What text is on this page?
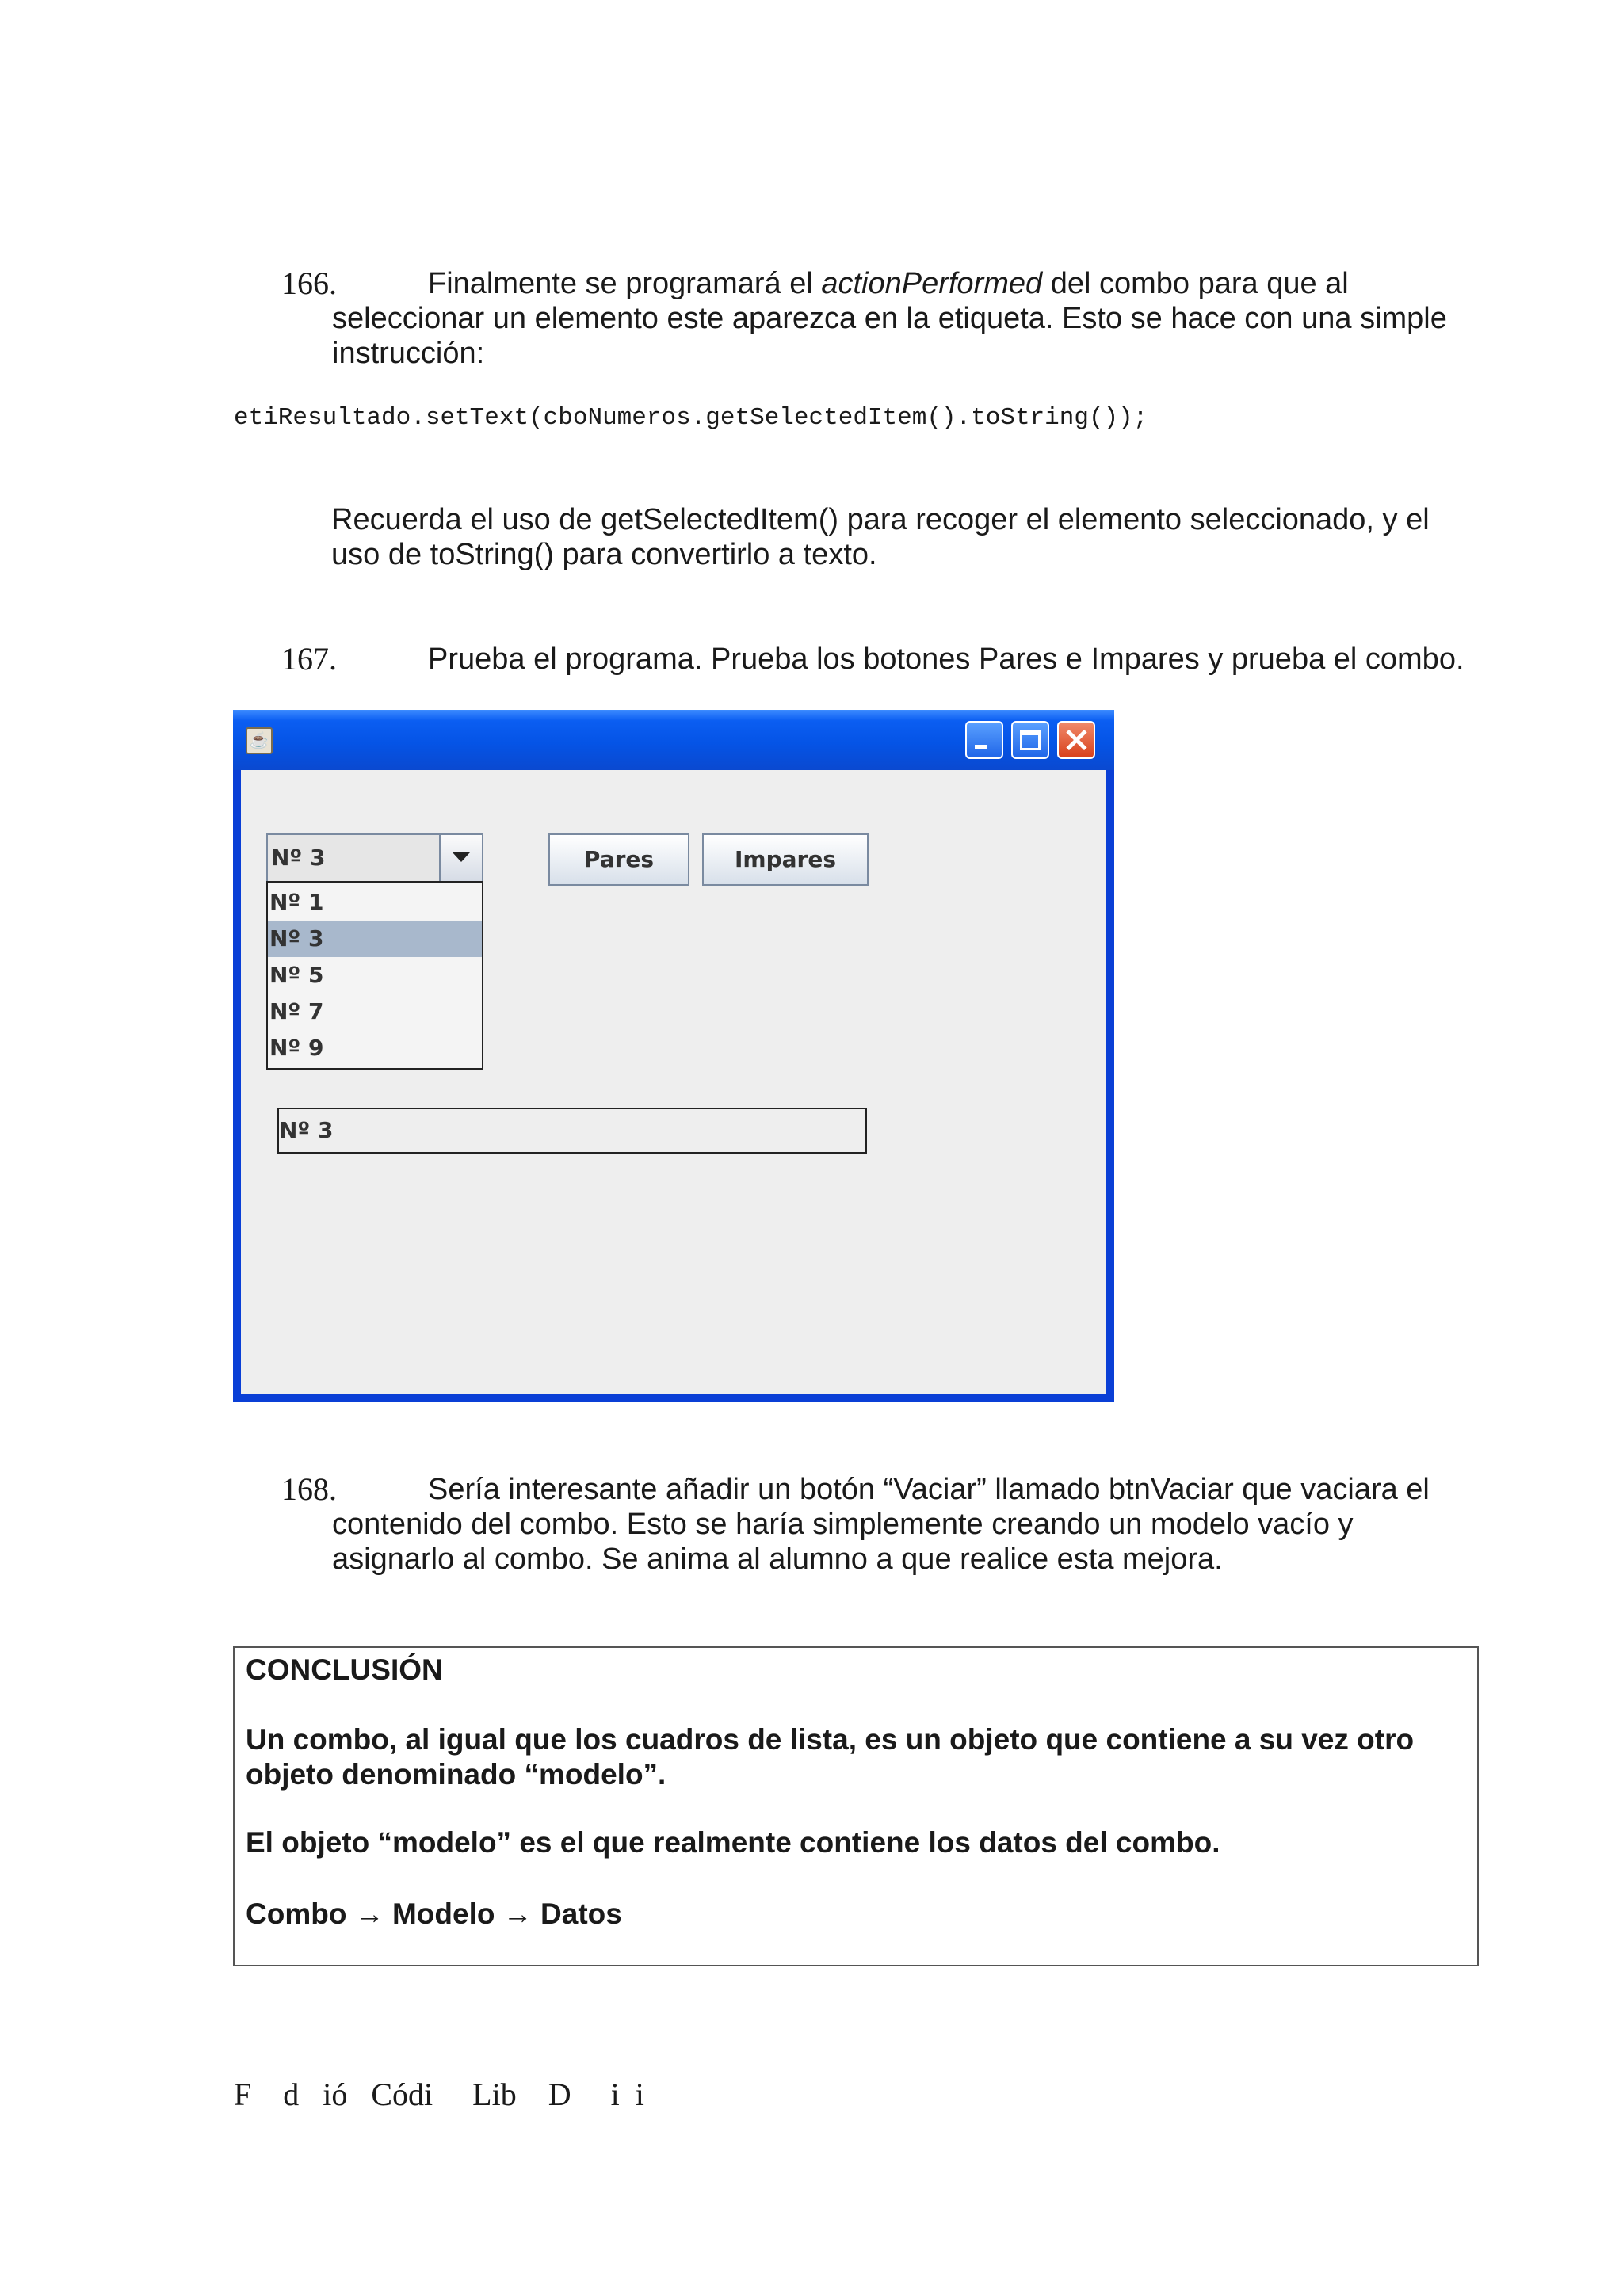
166.	Finalmente se programará el actionPerformed del combo para que al
seleccionar un elemento este aparezca en la etiqueta. Esto se hace con una simple
instrucción:
etiResultado.setText(cboNumeros.getSelectedItem().toString());
Recuerda el uso de getSelectedItem() para recoger el elemento seleccionado, y el
uso de toString() para convertirlo a texto.
167.	Prueba el programa. Prueba los botones Pares e Impares y prueba el combo.
☕
Nº 3	Pares	Impares
Nº 1
Nº 3
Nº 5
Nº 7
Nº 9
Nº 3
168.	Sería interesante añadir un botón “Vaciar” llamado btnVaciar que vaciara el
contenido del combo. Esto se haría simplemente creando un modelo vacío y
asignarlo al combo. Se anima al alumno a que realice esta mejora.
CONCLUSIÓN
Un combo, al igual que los cuadros de lista, es un objeto que contiene a su vez otro
objeto denominado “modelo”.
El objeto “modelo” es el que realmente contiene los datos del combo.
Combo → Modelo → Datos
F    d   ió   Códi     Lib    D     i  i
